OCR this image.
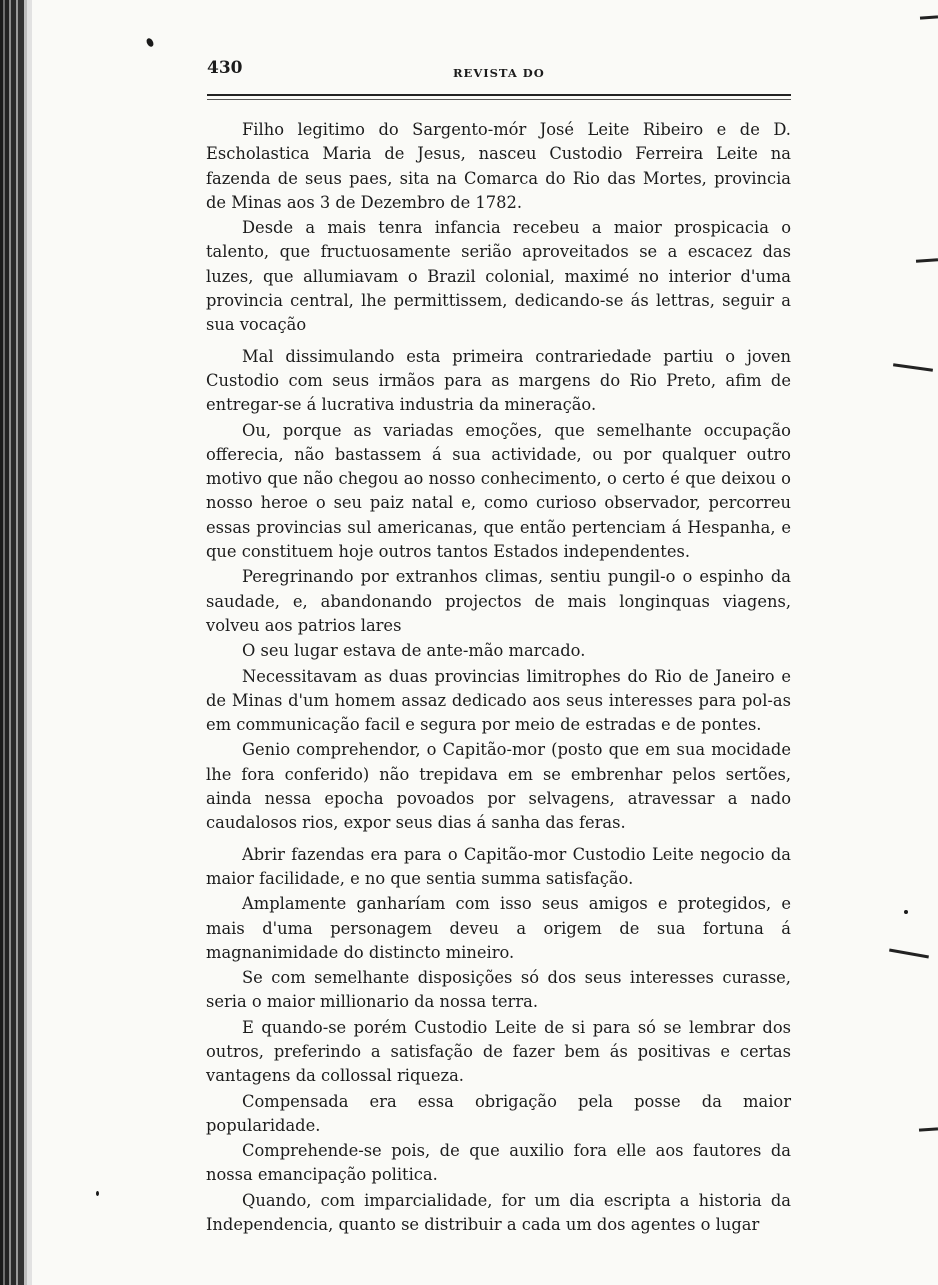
430	REVISTA DO

Filho legitimo do Sargento-mór José Leite Ribeiro e de D. Escholastica Maria de Jesus, nasceu Custodio Ferreira Leite na fazenda de seus paes, sita na Comarca do Rio das Mortes, provincia de Minas aos 3 de Dezembro de 1782.

Desde a mais tenra infancia recebeu a maior prospicacia o talento, que fructuosamente serião aproveitados se a escacez das luzes, que allumiavam o Brazil colonial, maximé no interior d'uma provincia central, lhe permittissem, dedicando-se ás lettras, seguir a sua vocação

Mal dissimulando esta primeira contrariedade partiu o joven Custodio com seus irmãos para as margens do Rio Preto, afim de entregar-se á lucrativa industria da mineração.

Ou, porque as variadas emoções, que semelhante occupação offerecia, não bastassem á sua actividade, ou por qualquer outro motivo que não chegou ao nosso conhecimento, o certo é que deixou o nosso heroe o seu paiz natal e, como curioso observador, percorreu essas provincias sul americanas, que então pertenciam á Hespanha, e que constituem hoje outros tantos Estados independentes.

Peregrinando por extranhos climas, sentiu pungil-o o espinho da saudade, e, abandonando projectos de mais longinquas viagens, volveu aos patrios lares

O seu lugar estava de ante-mão marcado.

Necessitavam as duas provincias limitrophes do Rio de Janeiro e de Minas d'um homem assaz dedicado aos seus interesses para pol-as em communicação facil e segura por meio de estradas e de pontes.

Genio comprehendor, o Capitão-mor (posto que em sua mocidade lhe fora conferido) não trepidava em se embrenhar pelos sertões, ainda nessa epocha povoados por selvagens, atravessar a nado caudalosos rios, expor seus dias á sanha das feras.

Abrir fazendas era para o Capitão-mor Custodio Leite negocio da maior facilidade, e no que sentia summa satisfação.

Amplamente ganharíam com isso seus amigos e protegidos, e mais d'uma personagem deveu a origem de sua fortuna á magnanimidade do distincto mineiro.

Se com semelhante disposições só dos seus interesses curasse, seria o maior millionario da nossa terra.

E quando-se porém Custodio Leite de si para só se lembrar dos outros, preferindo a satisfação de fazer bem ás positivas e certas vantagens da collossal riqueza.

Compensada era essa obrigação pela posse da maior popularidade.

Comprehende-se pois, de que auxilio fora elle aos fautores da nossa emancipação politica.

Quando, com imparcialidade, for um dia escripta a historia da Independencia, quanto se distribuir a cada um dos agentes o lugar
